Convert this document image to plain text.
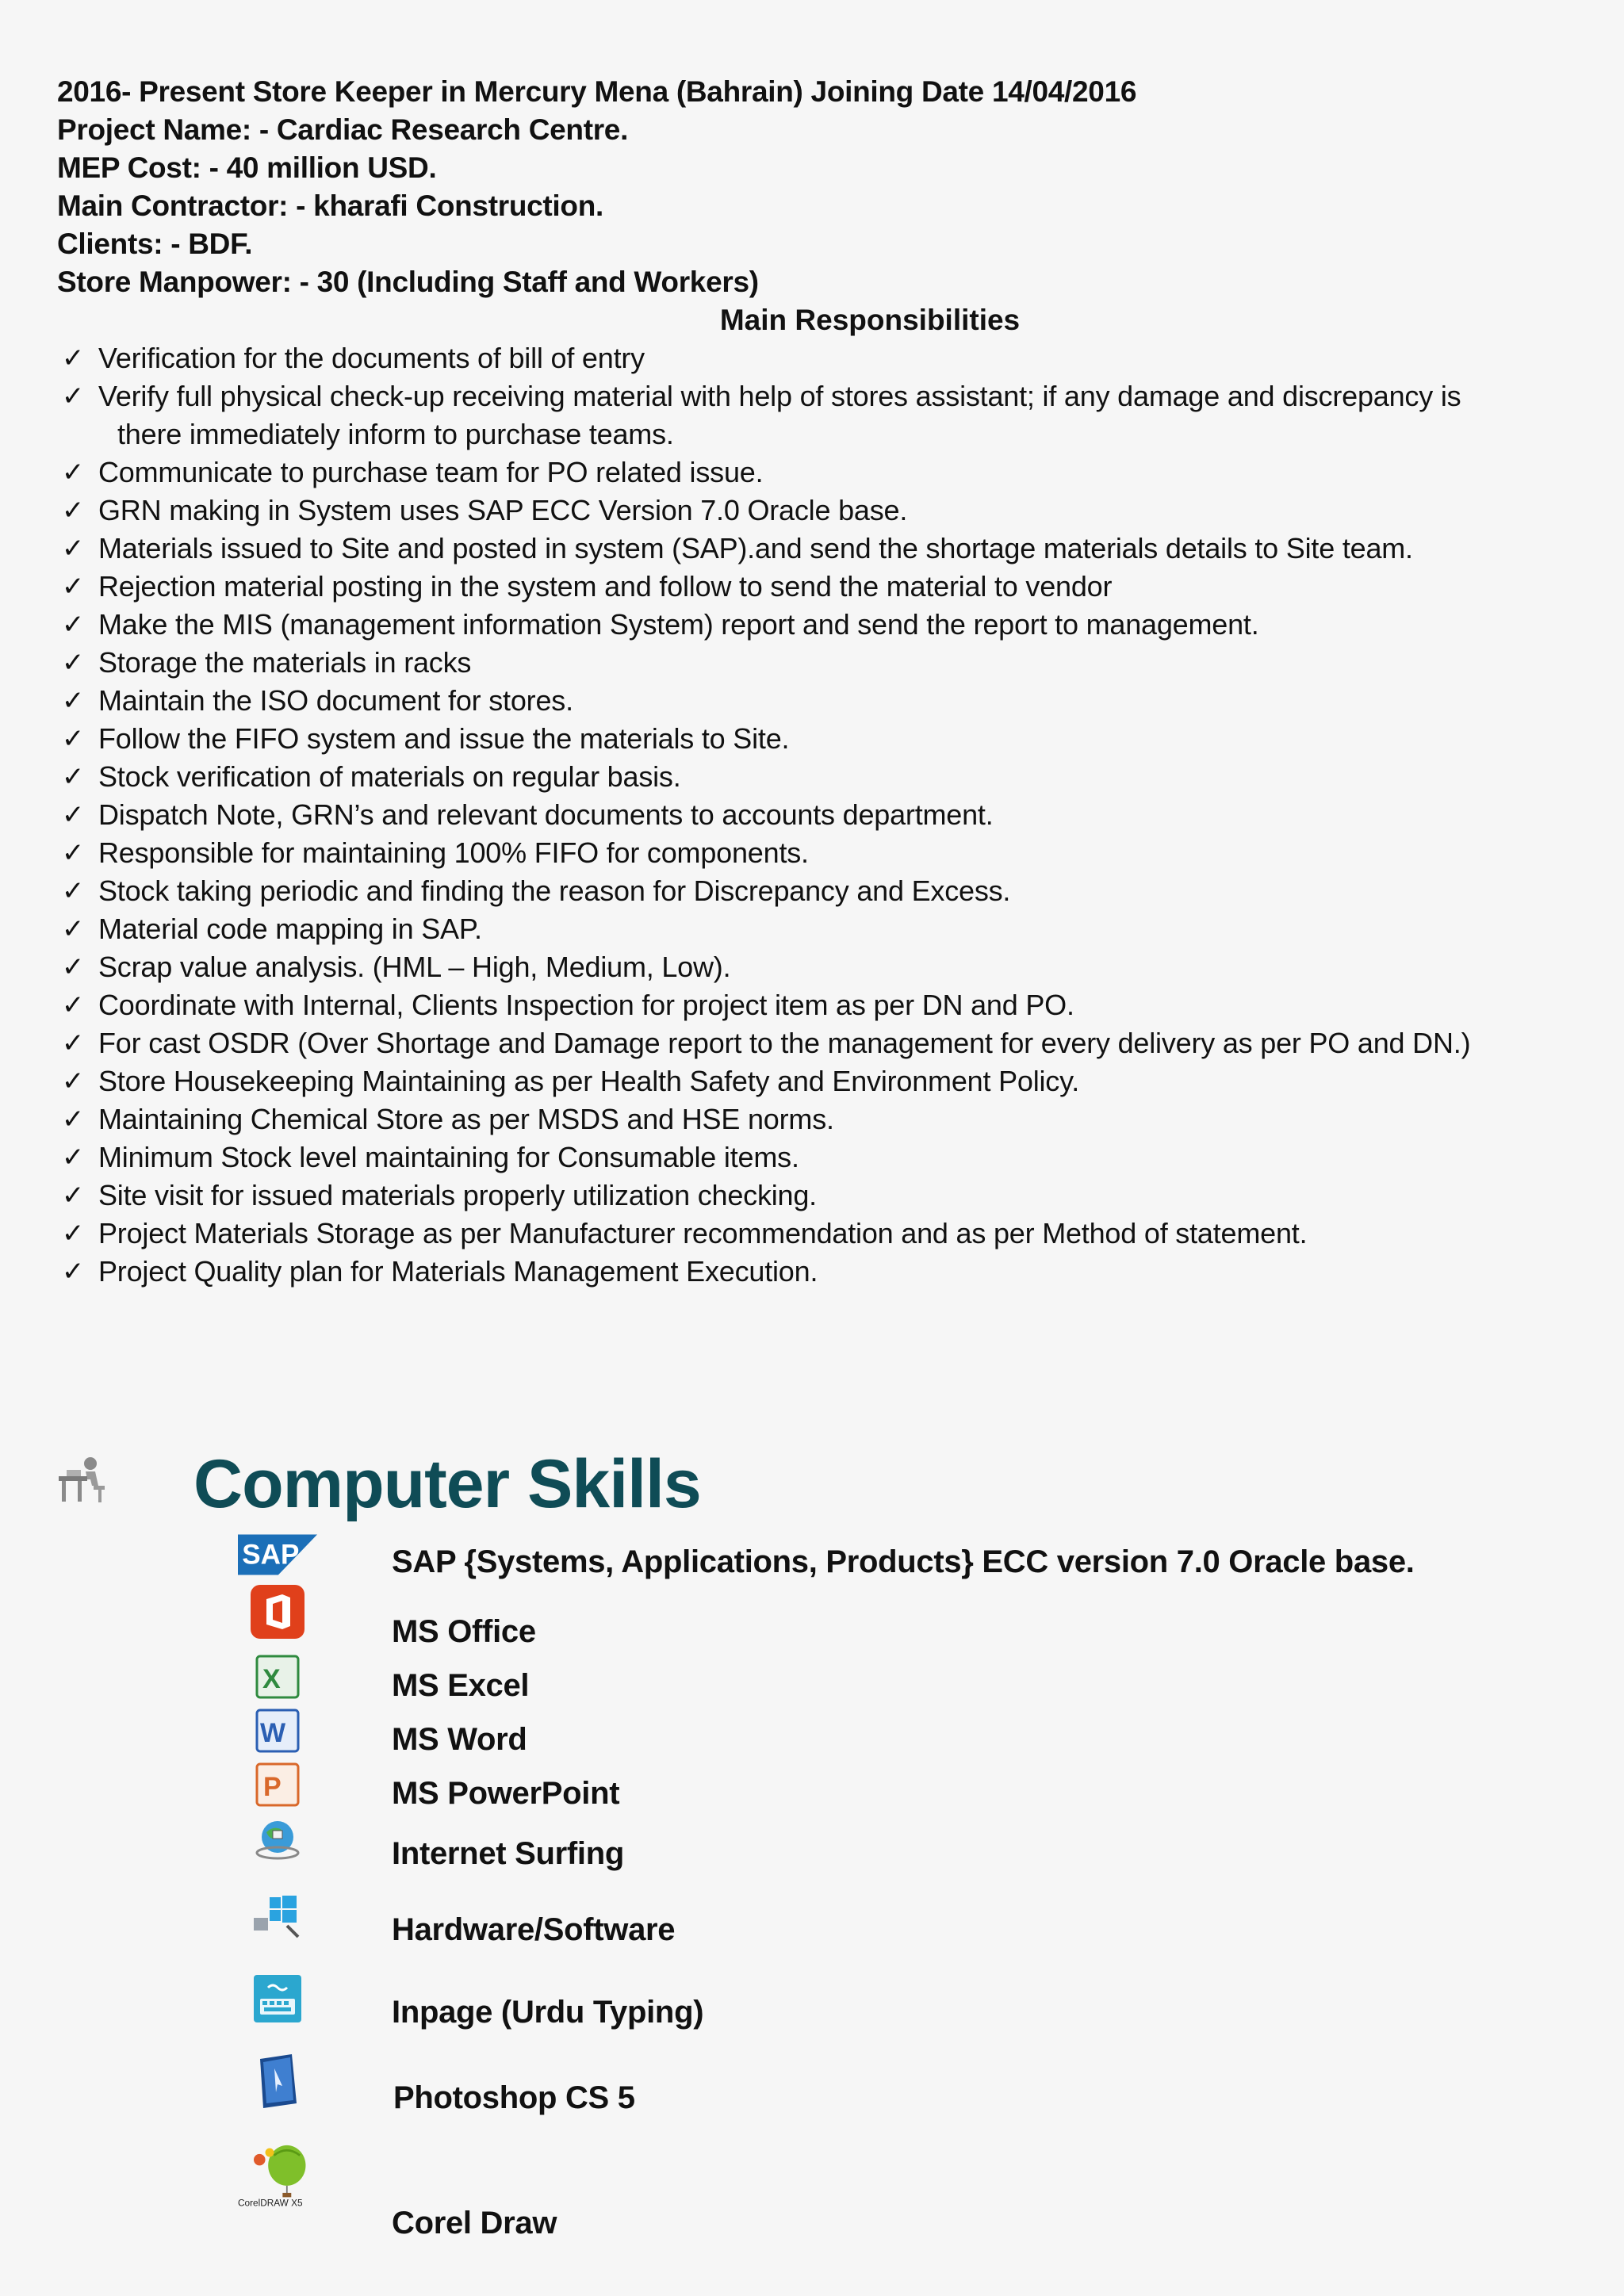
2016- Present Store Keeper in Mercury Mena (Bahrain) Joining Date 14/04/2016
Project Name: - Cardiac Research Centre.
MEP Cost: - 40 million USD.
Main Contractor: - kharafi Construction.
Clients: - BDF.
Store Manpower: - 30 (Including Staff and Workers)
Main Responsibilities
✓ Verification for the documents of bill of entry
✓ Verify full physical check-up receiving material with help of stores assistant; if any damage and discrepancy is
there immediately inform to purchase teams.
✓ Communicate to purchase team for PO related issue.
✓ GRN making in System uses SAP ECC Version 7.0 Oracle base.
✓ Materials issued to Site and posted in system (SAP).and send the shortage materials details to Site team.
✓ Rejection material posting in the system and follow to send the material to vendor
✓ Make the MIS (management information System) report and send the report to management.
✓ Storage the materials in racks
✓ Maintain the ISO document for stores.
✓ Follow the FIFO system and issue the materials to Site.
✓ Stock verification of materials on regular basis.
✓ Dispatch Note, GRN’s and relevant documents to accounts department.
✓ Responsible for maintaining 100% FIFO for components.
✓ Stock taking periodic and finding the reason for Discrepancy and Excess.
✓ Material code mapping in SAP.
✓ Scrap value analysis. (HML – High, Medium, Low).
✓ Coordinate with Internal, Clients Inspection for project item as per DN and PO.
✓ For cast OSDR (Over Shortage and Damage report to the management for every delivery as per PO and DN.)
✓ Store Housekeeping Maintaining as per Health Safety and Environment Policy.
✓ Maintaining Chemical Store as per MSDS and HSE norms.
✓ Minimum Stock level maintaining for Consumable items.
✓ Site visit for issued materials properly utilization checking.
✓ Project Materials Storage as per Manufacturer recommendation and as per Method of statement.
✓ Project Quality plan for Materials Management Execution.
Computer Skills
SAP
X
W
P
CorelDRAW X5
SAP {Systems, Applications, Products} ECC version 7.0 Oracle base.
MS Office
MS Excel
MS Word
MS PowerPoint
Internet Surfing
Hardware/Software
Inpage (Urdu Typing)
Photoshop CS 5
Corel Draw
